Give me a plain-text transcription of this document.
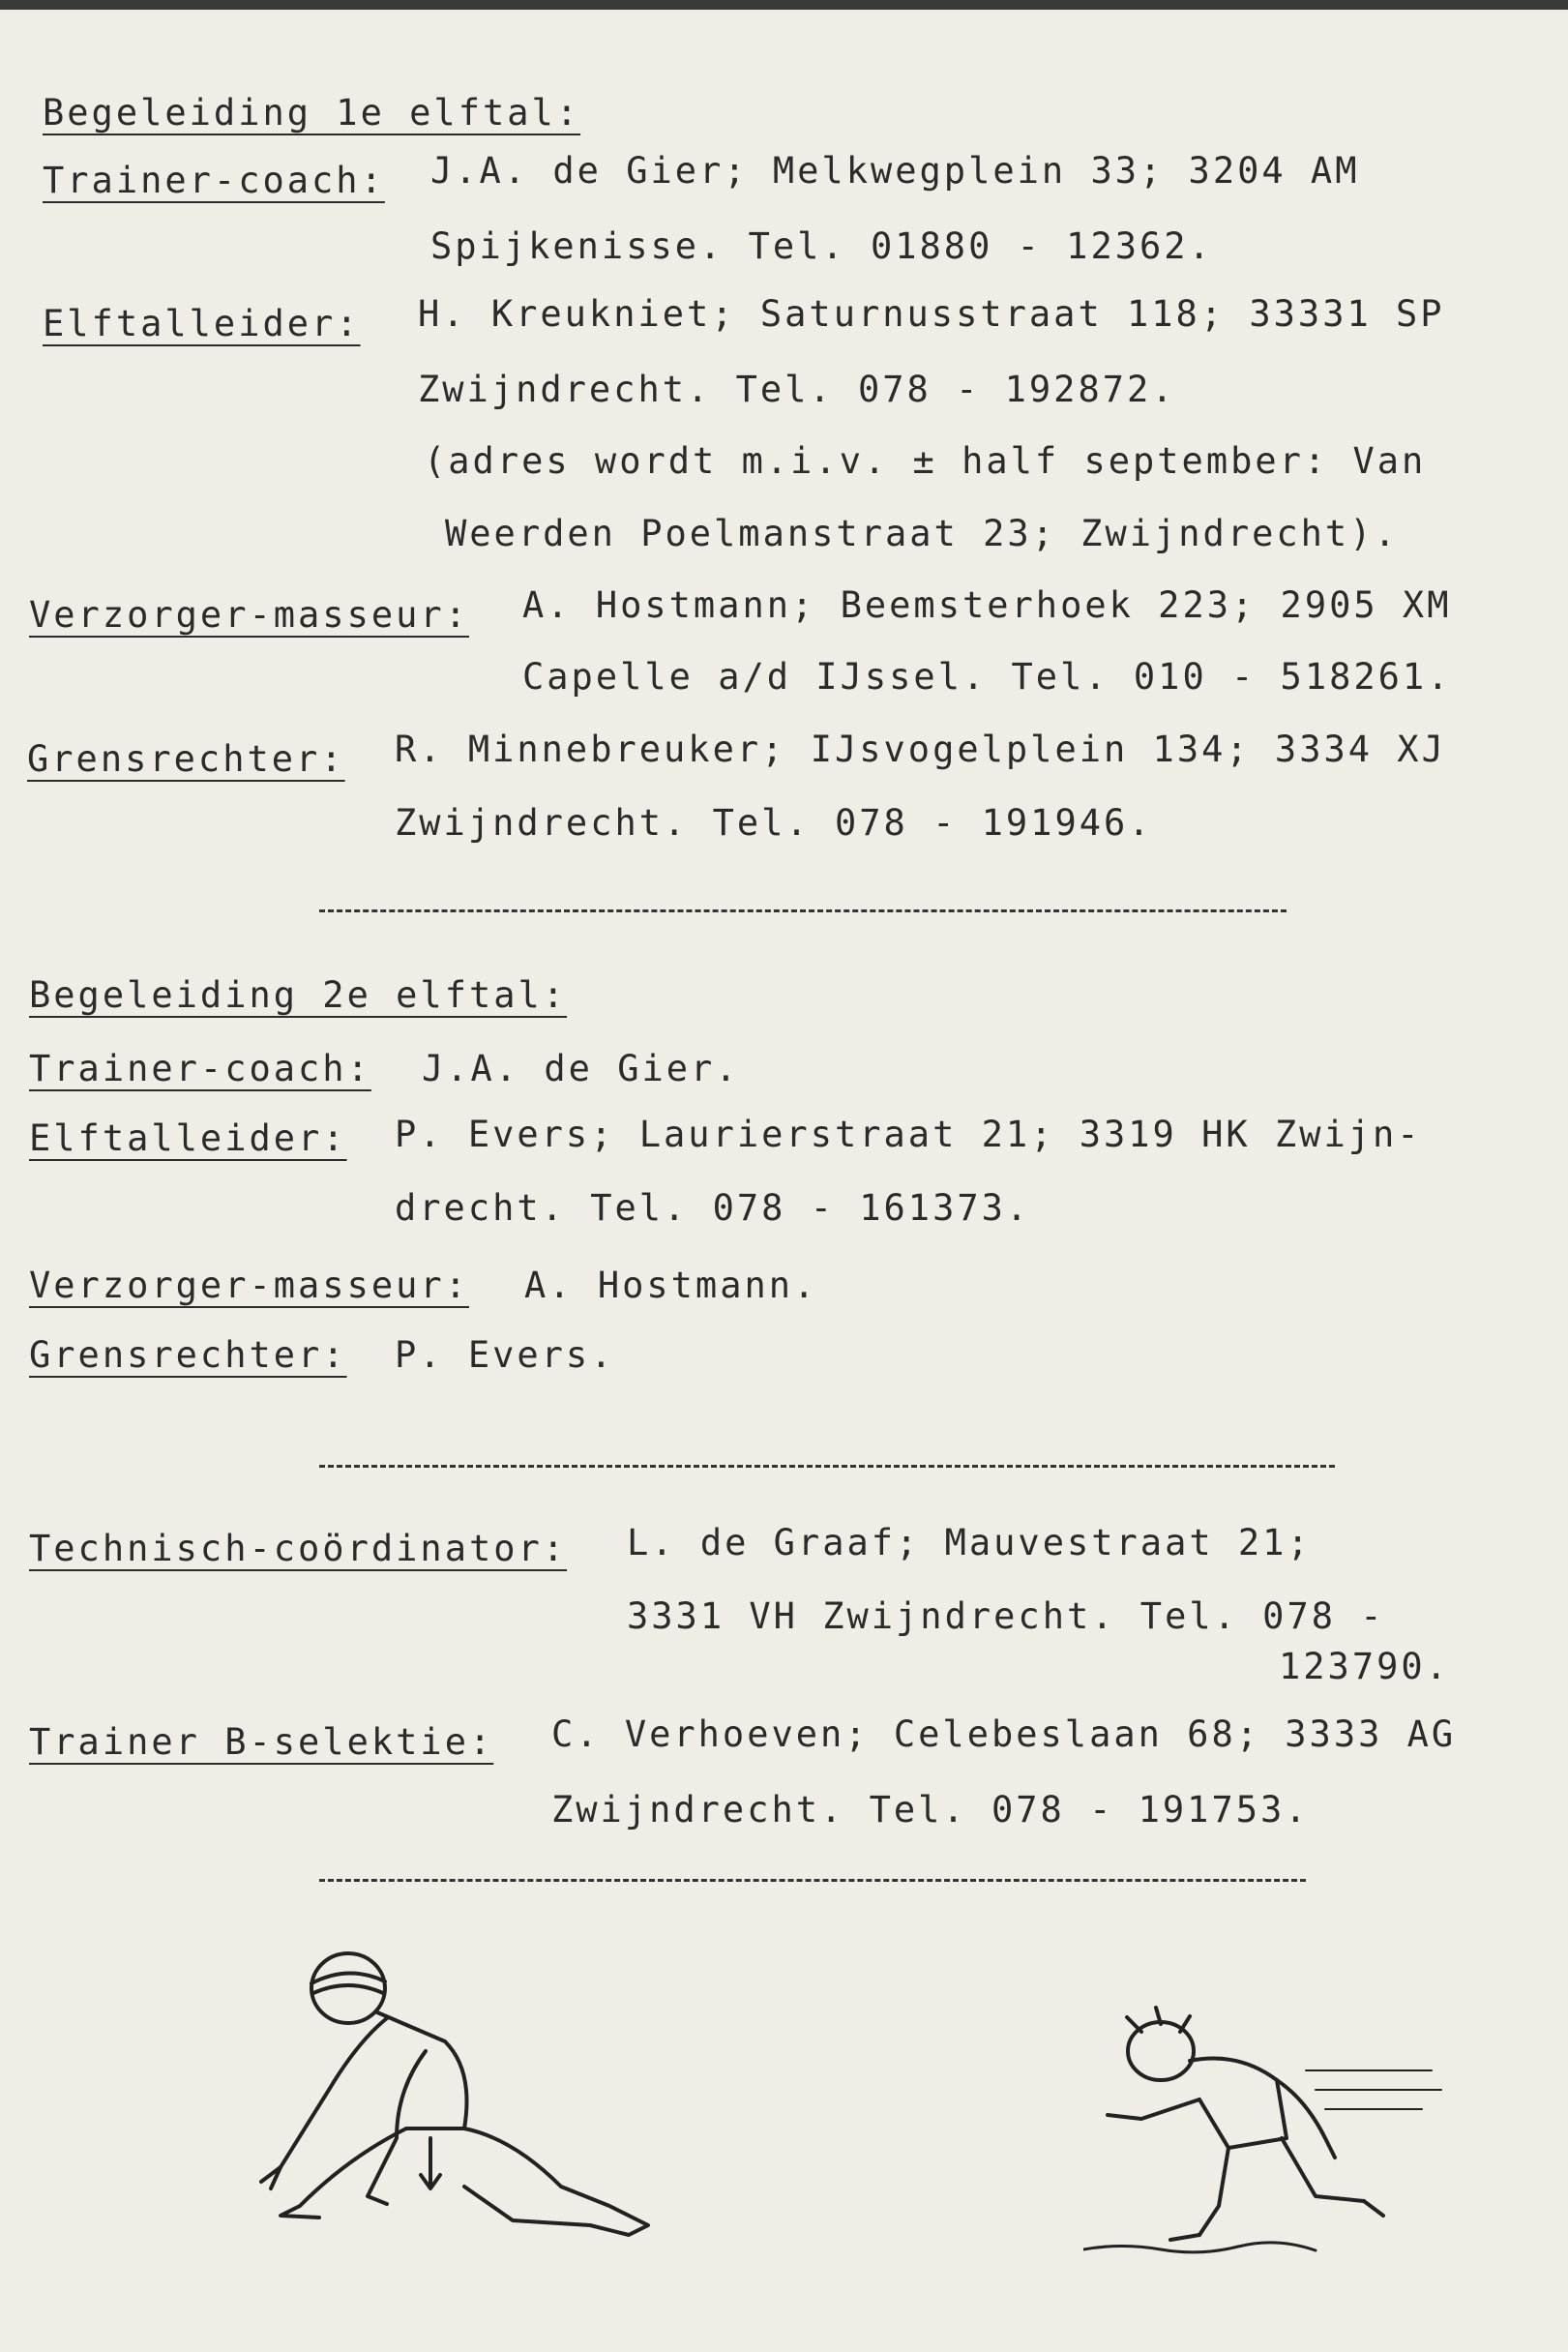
Begeleiding 1e elftal:
Trainer-coach: J.A. de Gier; Melkwegplein 33; 3204 AM
Spijkenisse. Tel. 01880 - 12362.
Elftalleider: H. Kreukniet; Saturnusstraat 118; 33331 SP
Zwijndrecht. Tel. 078 - 192872.
(adres wordt m.i.v. ± half september: Van
Weerden Poelmanstraat 23; Zwijndrecht).
Verzorger-masseur: A. Hostmann; Beemsterhoek 223; 2905 XM
Capelle a/d IJssel. Tel. 010 - 518261.
Grensrechter: R. Minnebreuker; IJsvogelplein 134; 3334 XJ
Zwijndrecht. Tel. 078 - 191946.
Begeleiding 2e elftal:
Trainer-coach: J.A. de Gier.
Elftalleider: P. Evers; Laurierstraat 21; 3319 HK Zwijn-
drecht. Tel. 078 - 161373.
Verzorger-masseur: A. Hostmann.
Grensrechter: P. Evers.
Technisch-coördinator: L. de Graaf; Mauvestraat 21;
3331 VH Zwijndrecht. Tel. 078 -
123790.
Trainer B-selektie: C. Verhoeven; Celebeslaan 68; 3333 AG
Zwijndrecht. Tel. 078 - 191753.
